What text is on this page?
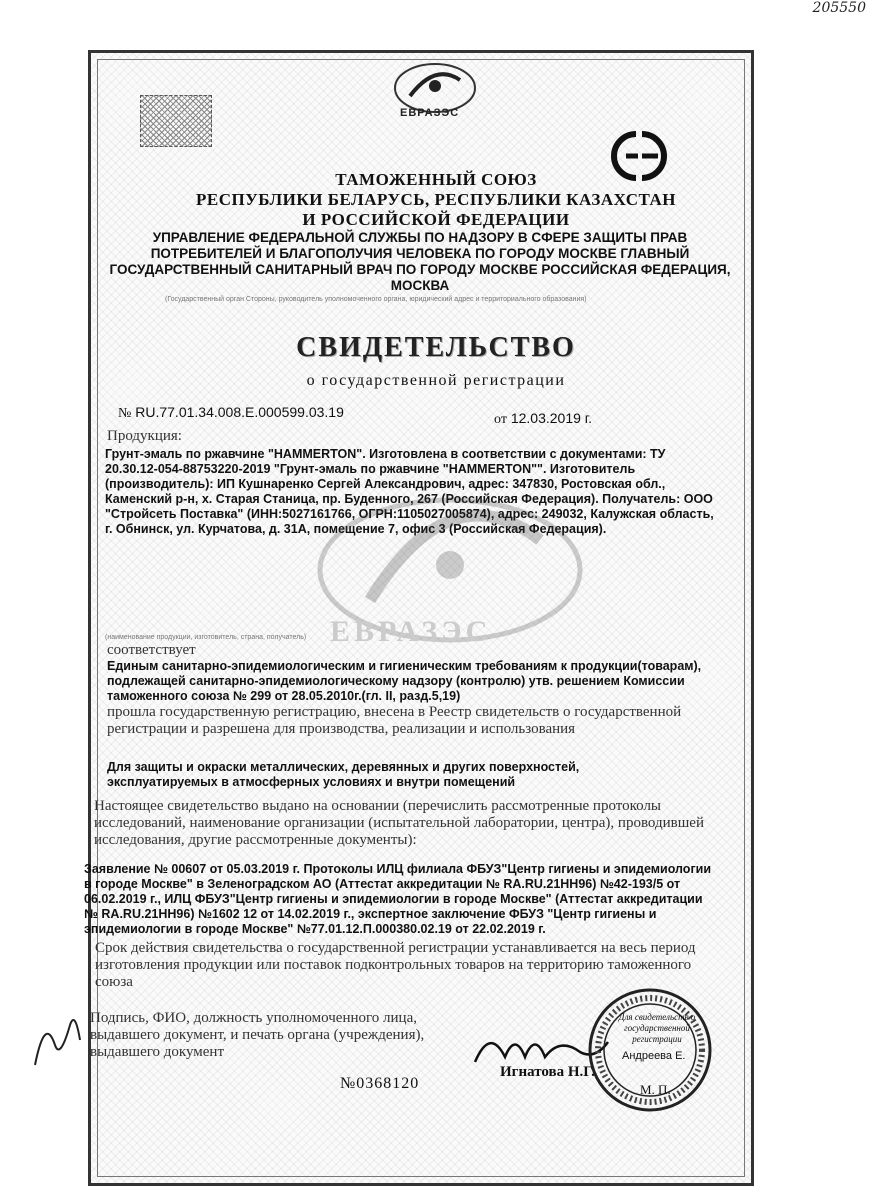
205550
ЕВРАЗЭС
ТАМОЖЕННЫЙ СОЮЗ
РЕСПУБЛИКИ БЕЛАРУСЬ, РЕСПУБЛИКИ КАЗАХСТАН
И РОССИЙСКОЙ ФЕДЕРАЦИИ
УПРАВЛЕНИЕ ФЕДЕРАЛЬНОЙ СЛУЖБЫ ПО НАДЗОРУ В СФЕРЕ ЗАЩИТЫ ПРАВ ПОТРЕБИТЕЛЕЙ И БЛАГОПОЛУЧИЯ ЧЕЛОВЕКА ПО ГОРОДУ МОСКВЕ ГЛАВНЫЙ ГОСУДАРСТВЕННЫЙ САНИТАРНЫЙ ВРАЧ ПО ГОРОДУ МОСКВЕ РОССИЙСКАЯ ФЕДЕРАЦИЯ, МОСКВА
(Государственный орган Стороны, руководитель уполномоченного органа, юридический адрес и территориального образования)
СВИДЕТЕЛЬСТВО
о государственной регистрации
№ RU.77.01.34.008.Е.000599.03.19	от 12.03.2019 г.
Продукция:
Грунт-эмаль по ржавчине "HAMMERTON". Изготовлена в соответствии с документами: ТУ 20.30.12-054-88753220-2019 "Грунт-эмаль по ржавчине "HAMMERTON"". Изготовитель (производитель): ИП Кушнаренко Сергей Александрович, адрес: 347830, Ростовская обл., Каменский р-н, х. Старая Станица, пр. Буденного, 267 (Российская Федерация). Получатель: ООО "Стройсеть Поставка" (ИНН:5027161766, ОГРН:1105027005874), адрес: 249032, Калужская область, г. Обнинск, ул. Курчатова, д. 31А, помещение 7, офис 3 (Российская Федерация).
ЕВРАЗЭС
(наименование продукции, изготовитель, страна, получатель)
соответствует
Единым санитарно-эпидемиологическим и гигиеническим требованиям к продукции(товарам), подлежащей санитарно-эпидемиологическому надзору (контролю) утв. решением Комиссии таможенного союза № 299 от 28.05.2010г.(гл. II, разд.5,19)
прошла государственную регистрацию, внесена в Реестр свидетельств о государственной регистрации и разрешена для производства, реализации и использования
Для защиты и окраски металлических, деревянных и других поверхностей, эксплуатируемых в атмосферных условиях и внутри помещений
Настоящее свидетельство выдано на основании (перечислить рассмотренные протоколы исследований, наименование организации (испытательной лаборатории, центра), проводившей исследования, другие рассмотренные документы):
Заявление № 00607 от 05.03.2019 г. Протоколы ИЛЦ филиала ФБУЗ"Центр гигиены и эпидемиологии в городе Москве" в Зеленоградском АО (Аттестат аккредитации № RA.RU.21НН96) №42-193/5 от 06.02.2019 г., ИЛЦ ФБУЗ"Центр гигиены и эпидемиологии в городе Москве" (Аттестат аккредитации № RA.RU.21НН96) №1602 12 от 14.02.2019 г., экспертное заключение ФБУЗ "Центр гигиены и эпидемиологии в городе Москве" №77.01.12.П.000380.02.19 от 22.02.2019 г.
Срок действия свидетельства о государственной регистрации устанавливается на весь период изготовления продукции или поставок подконтрольных товаров на территорию таможенного союза
Подпись, ФИО, должность уполномоченного лица, выдавшего документ, и печать органа (учреждения), выдавшего документ
Игнатова Н.Г.
Для свидетельств о государственной регистрации
Андреева Е.
М. П.
№0368120
